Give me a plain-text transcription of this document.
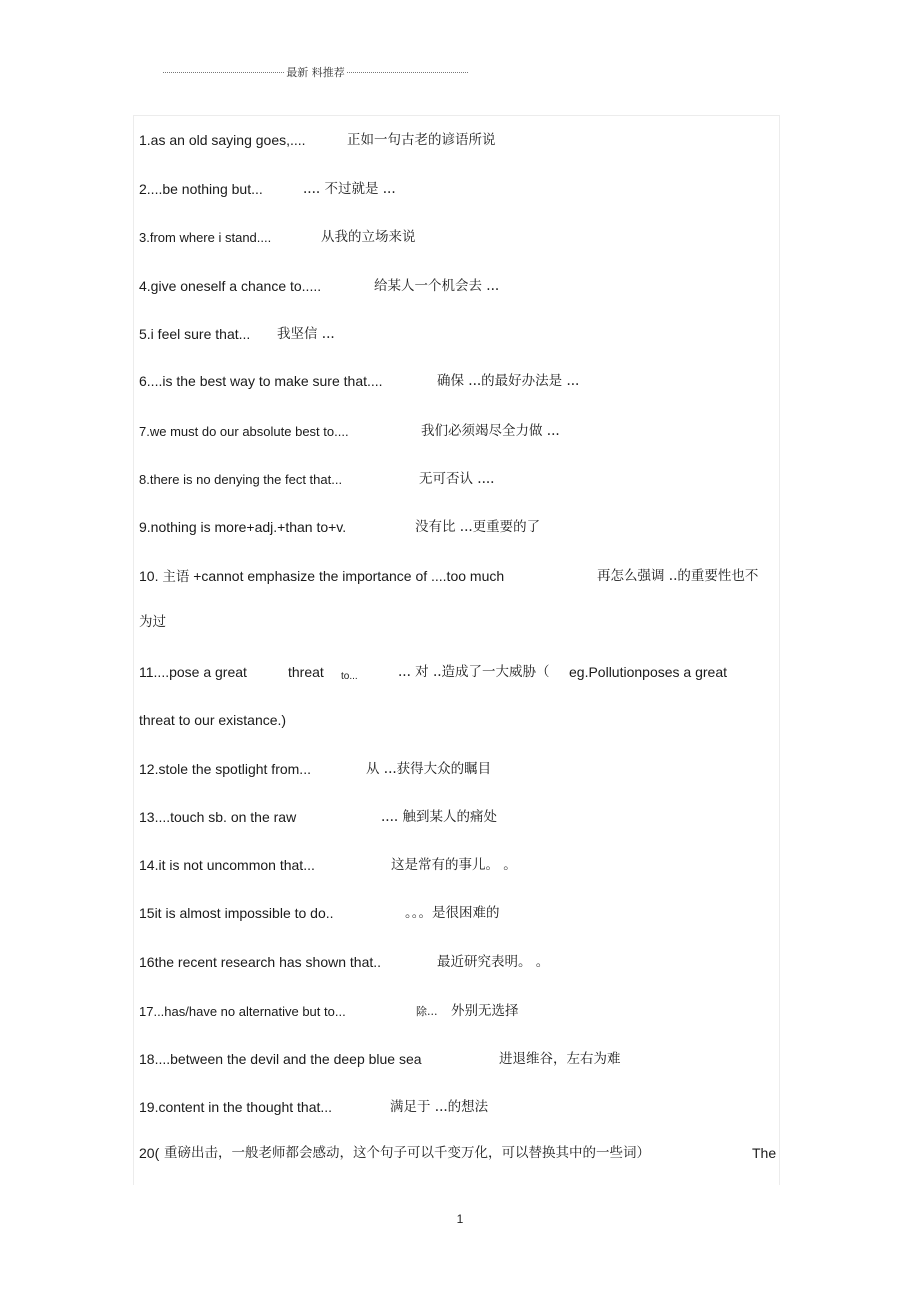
最新 料推荐
1.as an old saying goes,....	正如一句古老的谚语所说
2....be nothing but...	.... 不过就是 ...
3.from where i stand....	从我的立场来说
4.give oneself a chance to.....	给某人一个机会去 ...
5.i feel sure that... 我坚信 ...
6....is the best way to make sure that....	确保 ...的最好办法是 ...
7.we must do our absolute best to....	我们必须竭尽全力做 ...
8.there is no denying the fect that...	无可否认 ....
9.nothing is more+adj.+than to+v.	没有比 ...更重要的了
10. 主语 +cannot emphasize the importance of ....too much	再怎么强调 ..的重要性也不
为过
11....pose a great	threat to...	... 对 ..造成了一大威胁（ eg.Pollutionposes a great
threat to our existance.)
12.stole the spotlight from...	从 ...获得大众的瞩目
13....touch sb. on the raw	.... 触到某人的痛处
14.it is not uncommon that...	这是常有的事儿。 。
15it is almost impossible to do..	。。。是很困难的
16the recent research has shown that..	最近研究表明。 。
17...has/have no alternative but to...	除... 外别无选择
18....between the devil and the deep blue sea	进退维谷，左右为难
19.content in the thought that...	满足于 ...的想法
20( 重磅出击，一般老师都会感动，这个句子可以千变万化，可以替换其中的一些词）	The
1
